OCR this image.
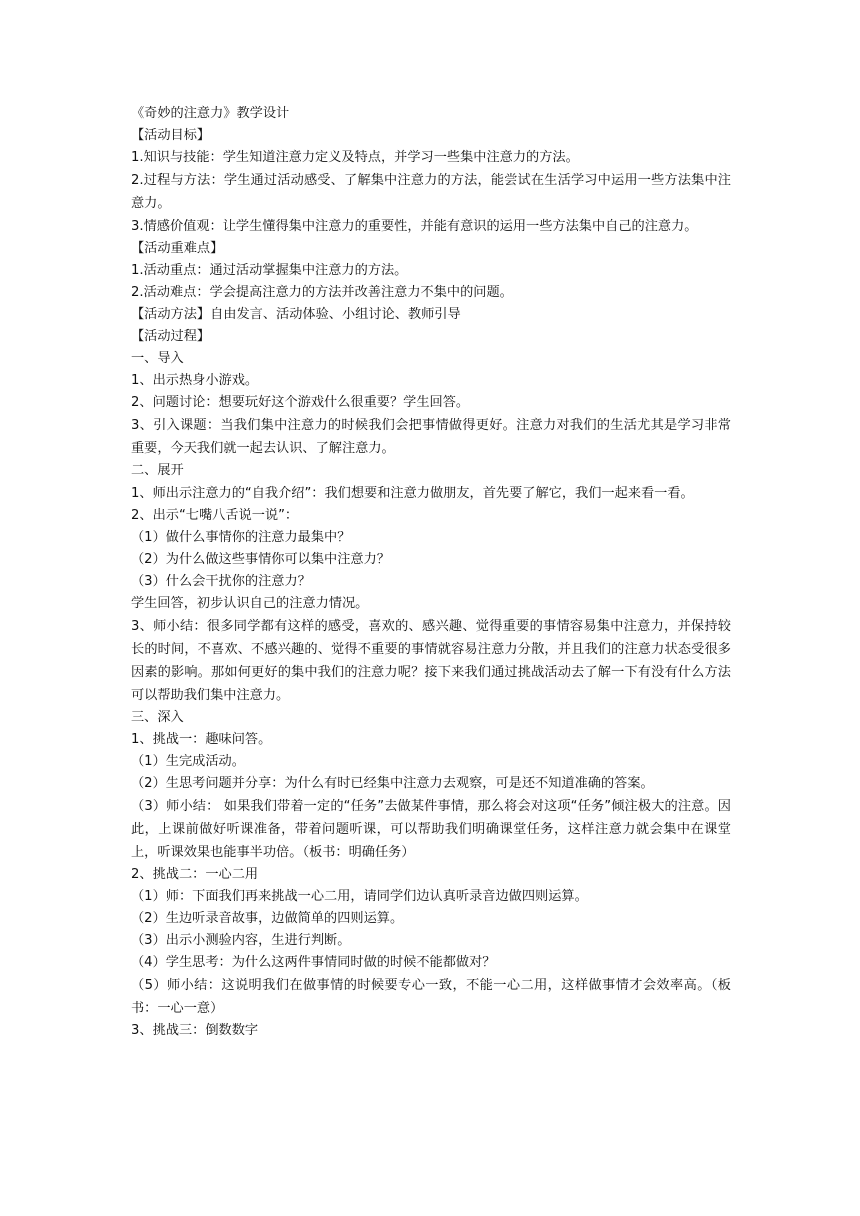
《奇妙的注意力》教学设计

【活动目标】

1.知识与技能：学生知道注意力定义及特点，并学习一些集中注意力的方法。

2.过程与方法：学生通过活动感受、了解集中注意力的方法，能尝试在生活学习中运用一些方法集中注意力。

3.情感价值观：让学生懂得集中注意力的重要性，并能有意识的运用一些方法集中自己的注意力。

【活动重难点】

1.活动重点：通过活动掌握集中注意力的方法。

2.活动难点：学会提高注意力的方法并改善注意力不集中的问题。

【活动方法】自由发言、活动体验、小组讨论、教师引导

【活动过程】

一、导入

1、出示热身小游戏。

2、问题讨论：想要玩好这个游戏什么很重要？学生回答。

3、引入课题：当我们集中注意力的时候我们会把事情做得更好。注意力对我们的生活尤其是学习非常重要，今天我们就一起去认识、了解注意力。

二、展开

1、师出示注意力的“自我介绍”：我们想要和注意力做朋友，首先要了解它，我们一起来看一看。

2、出示“七嘴八舌说一说”：

（1）做什么事情你的注意力最集中？

（2）为什么做这些事情你可以集中注意力？

（3）什么会干扰你的注意力？

学生回答，初步认识自己的注意力情况。

3、师小结：很多同学都有这样的感受，喜欢的、感兴趣、觉得重要的事情容易集中注意力，并保持较长的时间，不喜欢、不感兴趣的、觉得不重要的事情就容易注意力分散，并且我们的注意力状态受很多因素的影响。那如何更好的集中我们的注意力呢？接下来我们通过挑战活动去了解一下有没有什么方法可以帮助我们集中注意力。

三、深入

1、挑战一：趣味问答。

（1）生完成活动。

（2）生思考问题并分享：为什么有时已经集中注意力去观察，可是还不知道准确的答案。

（3）师小结： 如果我们带着一定的“任务”去做某件事情，那么将会对这项“任务”倾注极大的注意。因此，上课前做好听课准备，带着问题听课，可以帮助我们明确课堂任务，这样注意力就会集中在课堂上，听课效果也能事半功倍。（板书：明确任务）

2、挑战二：一心二用

（1）师：下面我们再来挑战一心二用，请同学们边认真听录音边做四则运算。

（2）生边听录音故事，边做简单的四则运算。

（3）出示小测验内容，生进行判断。

（4）学生思考：为什么这两件事情同时做的时候不能都做对？

（5）师小结：这说明我们在做事情的时候要专心一致，不能一心二用，这样做事情才会效率高。（板书：一心一意）

3、挑战三：倒数数字
